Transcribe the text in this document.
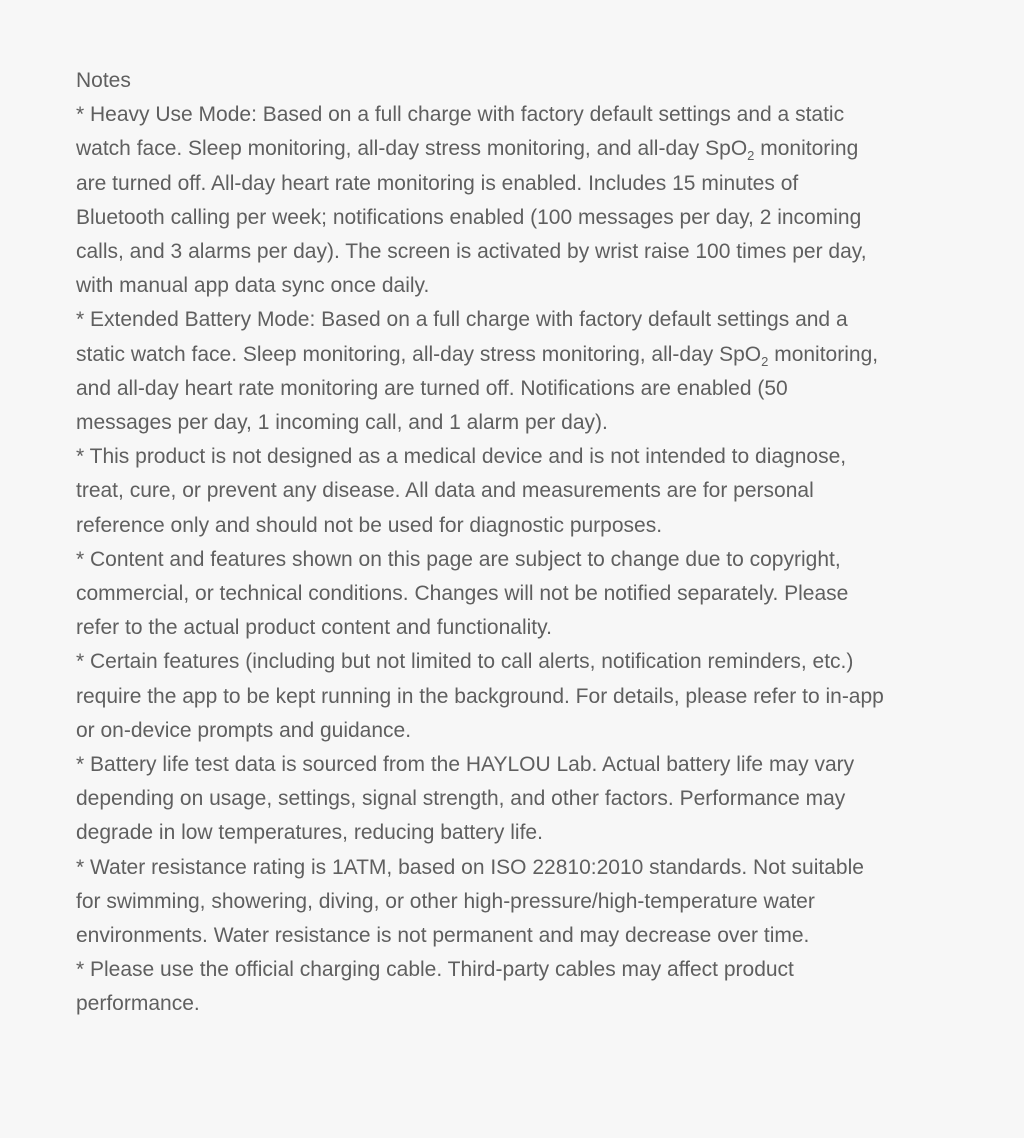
Notes
* Heavy Use Mode: Based on a full charge with factory default settings and a static
watch face. Sleep monitoring, all-day stress monitoring, and all-day SpO$_2$ monitoring
are turned off. All-day heart rate monitoring is enabled. Includes 15 minutes of
Bluetooth calling per week; notifications enabled (100 messages per day, 2 incoming
calls, and 3 alarms per day). The screen is activated by wrist raise 100 times per day,
with manual app data sync once daily.
* Extended Battery Mode: Based on a full charge with factory default settings and a
static watch face. Sleep monitoring, all-day stress monitoring, all-day SpO$_2$ monitoring,
and all-day heart rate monitoring are turned off. Notifications are enabled (50
messages per day, 1 incoming call, and 1 alarm per day).
* This product is not designed as a medical device and is not intended to diagnose,
treat, cure, or prevent any disease. All data and measurements are for personal
reference only and should not be used for diagnostic purposes.
* Content and features shown on this page are subject to change due to copyright,
commercial, or technical conditions. Changes will not be notified separately. Please
refer to the actual product content and functionality.
* Certain features (including but not limited to call alerts, notification reminders, etc.)
require the app to be kept running in the background. For details, please refer to in-app
or on-device prompts and guidance.
* Battery life test data is sourced from the HAYLOU Lab. Actual battery life may vary
depending on usage, settings, signal strength, and other factors. Performance may
degrade in low temperatures, reducing battery life.
* Water resistance rating is 1ATM, based on ISO 22810:2010 standards. Not suitable
for swimming, showering, diving, or other high-pressure/high-temperature water
environments. Water resistance is not permanent and may decrease over time.
* Please use the official charging cable. Third-party cables may affect product
performance.
